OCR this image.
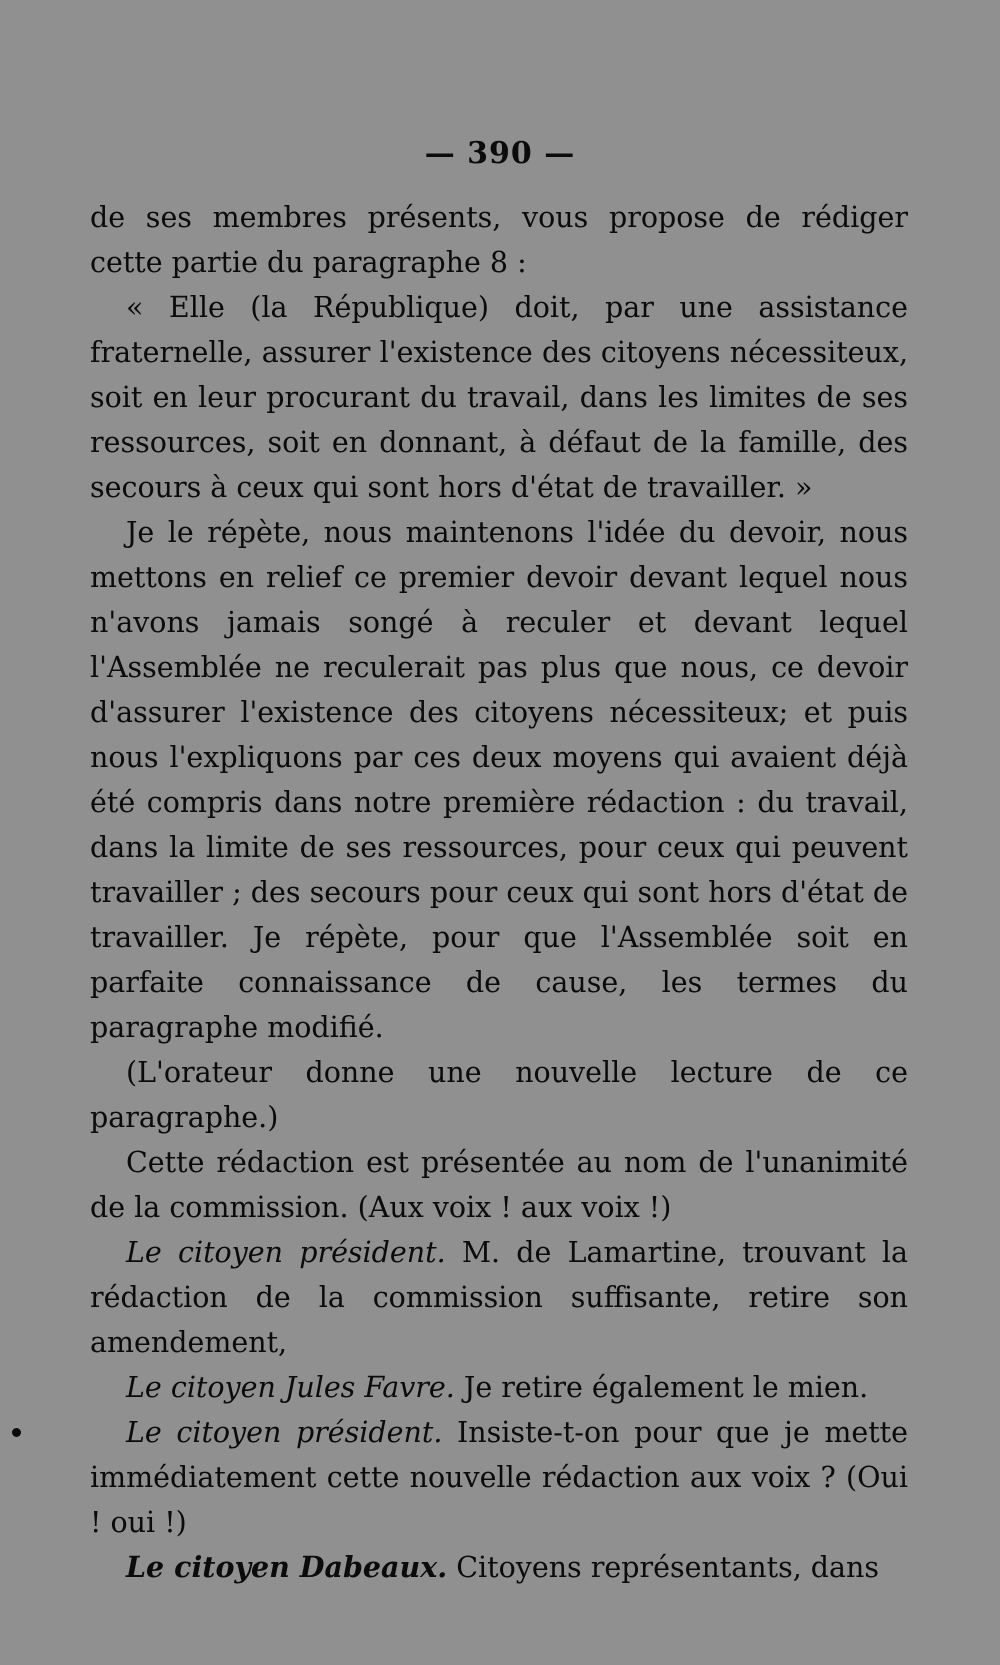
— 390 —

de ses membres présents, vous propose de rédiger cette partie du paragraphe 8 :

« Elle (la République) doit, par une assistance fraternelle, assurer l'existence des citoyens nécessiteux, soit en leur procurant du travail, dans les limites de ses ressources, soit en donnant, à défaut de la famille, des secours à ceux qui sont hors d'état de travailler. »

Je le répète, nous maintenons l'idée du devoir, nous mettons en relief ce premier devoir devant lequel nous n'avons jamais songé à reculer et devant lequel l'Assemblée ne reculerait pas plus que nous, ce devoir d'assurer l'existence des citoyens nécessiteux; et puis nous l'expliquons par ces deux moyens qui avaient déjà été compris dans notre première rédaction : du travail, dans la limite de ses ressources, pour ceux qui peuvent travailler ; des secours pour ceux qui sont hors d'état de travailler. Je répète, pour que l'Assemblée soit en parfaite connaissance de cause, les termes du paragraphe modifié.

(L'orateur donne une nouvelle lecture de ce paragraphe.)

Cette rédaction est présentée au nom de l'unanimité de la commission. (Aux voix ! aux voix !)

Le citoyen président. M. de Lamartine, trouvant la rédaction de la commission suffisante, retire son amendement,

Le citoyen Jules Favre. Je retire également le mien.

Le citoyen président. Insiste-t-on pour que je mette immédiatement cette nouvelle rédaction aux voix ? (Oui ! oui !)

Le citoyen Dabeaux. Citoyens représentants, dans
